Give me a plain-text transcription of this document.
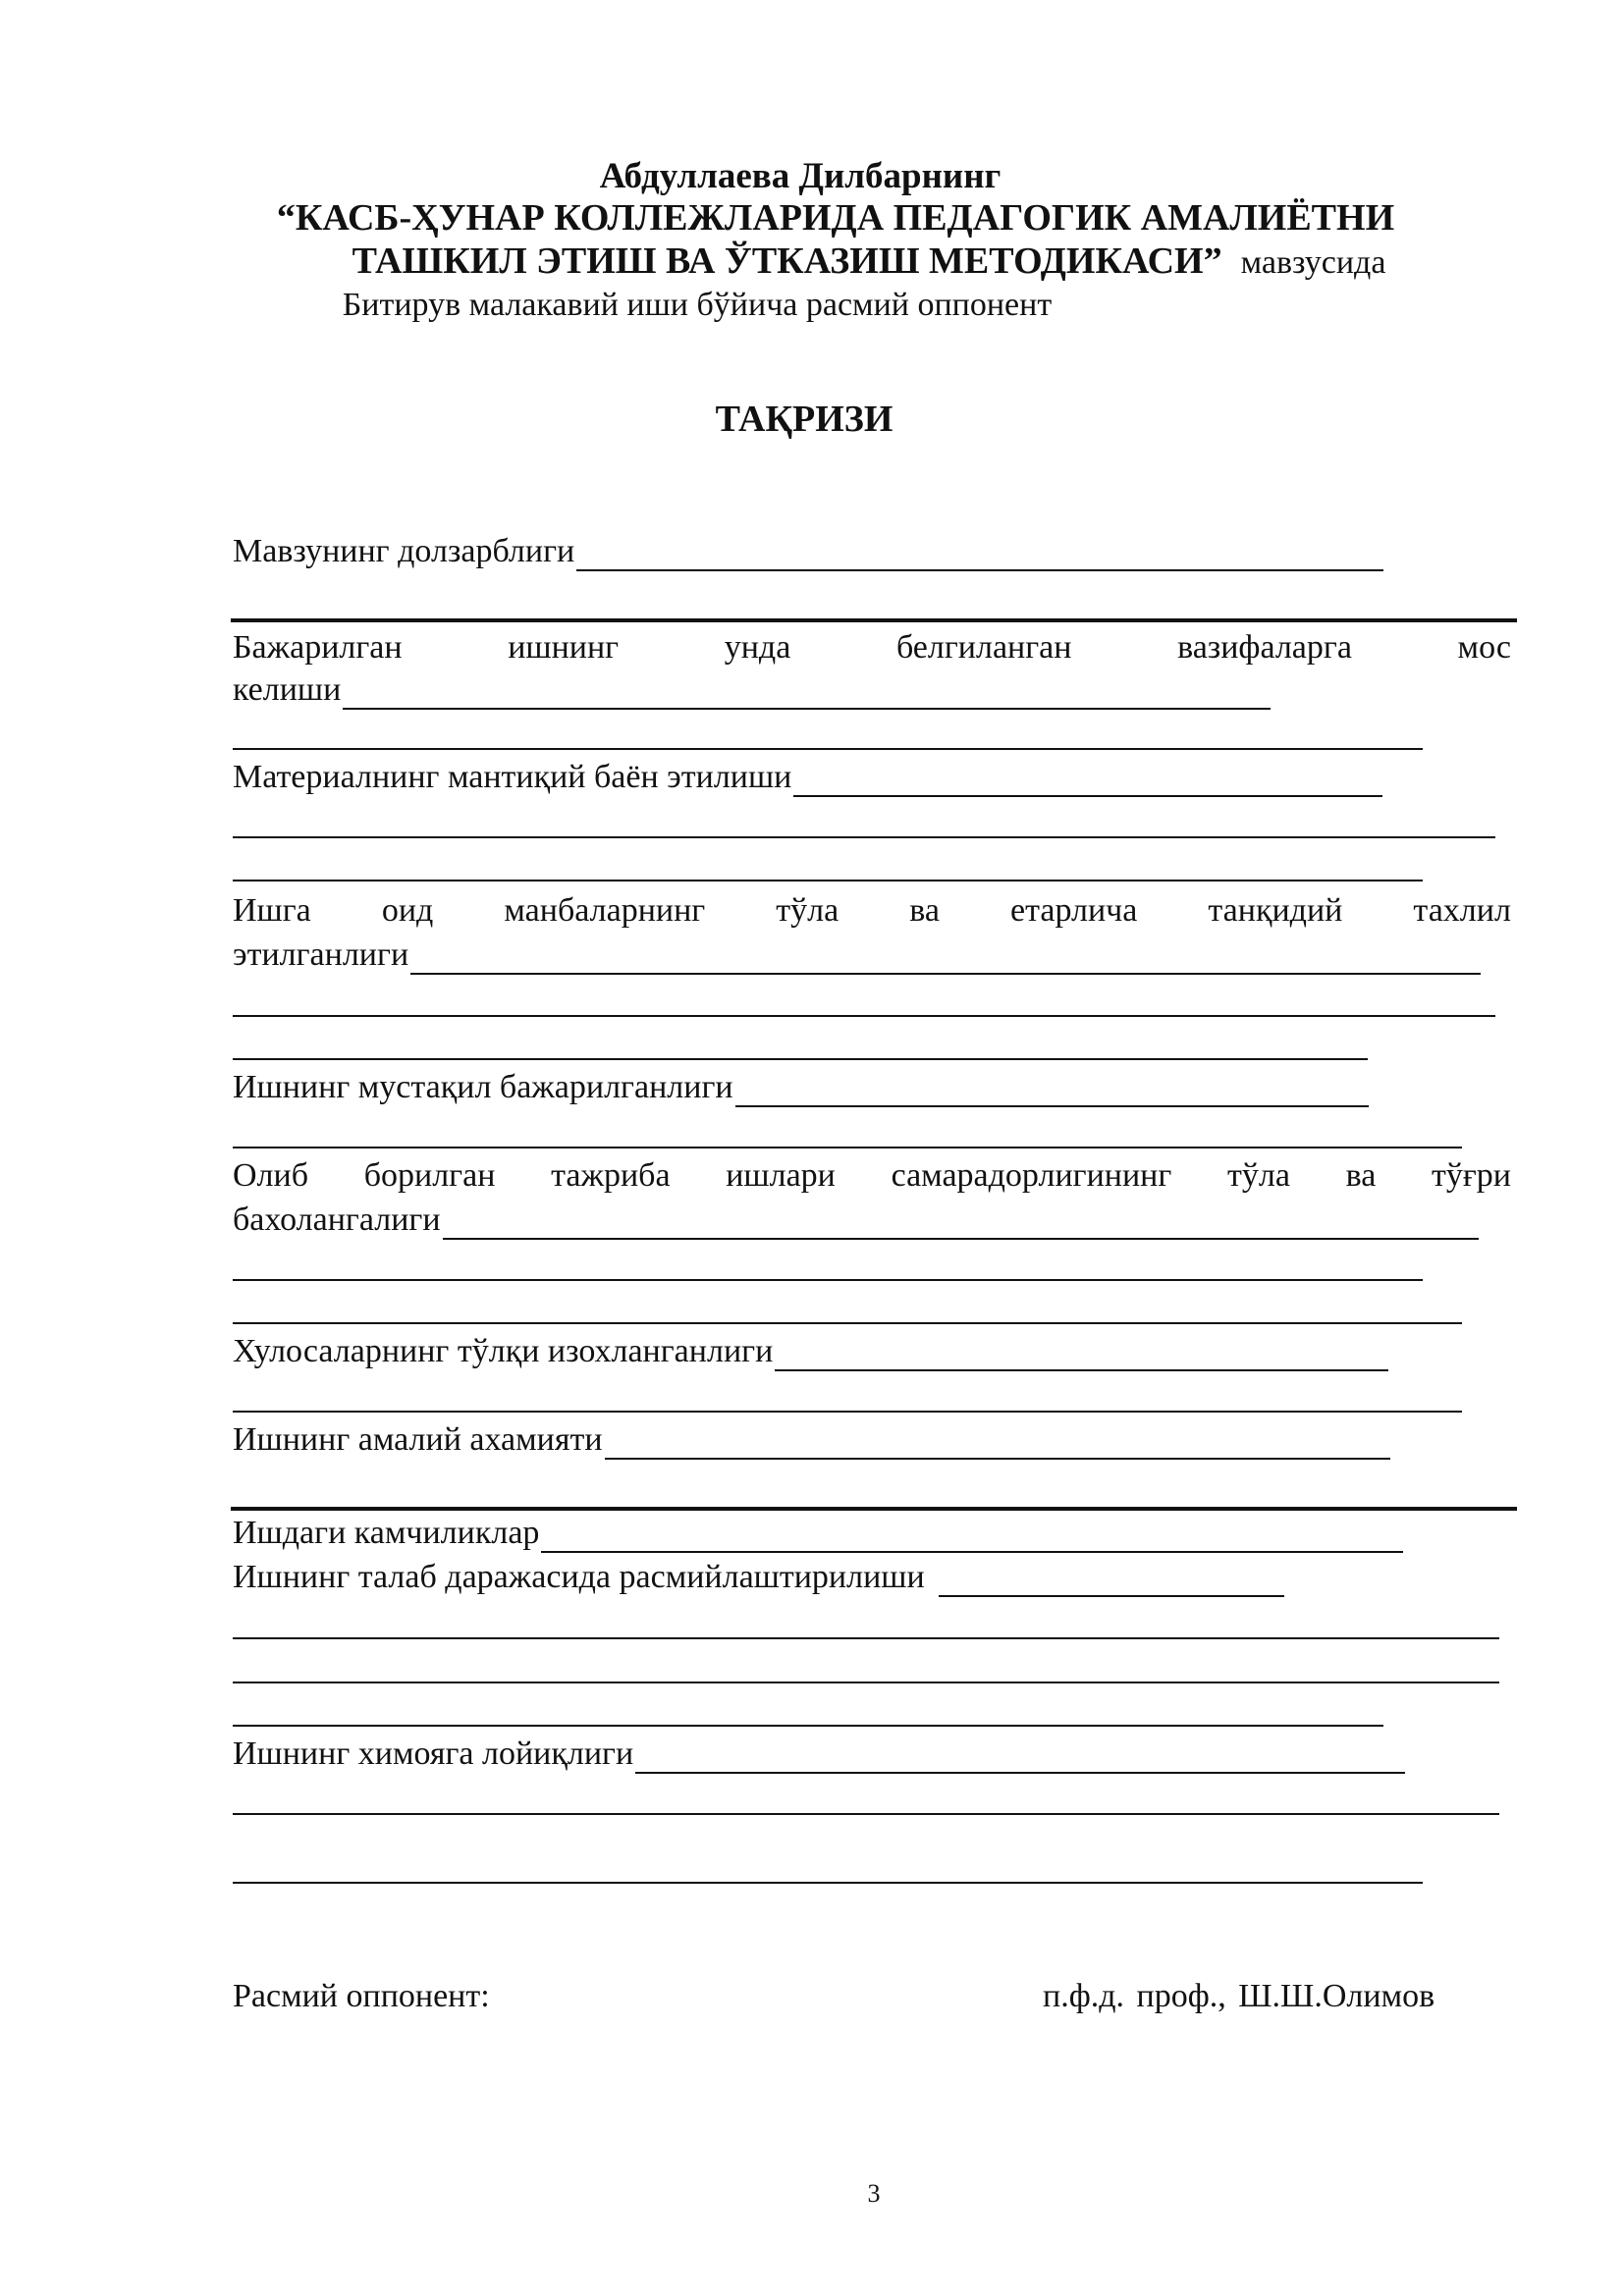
Абдуллаева Дилбарнинг
“КАСБ-ҲУНАР КОЛЛЕЖЛАРИДА ПЕДАГОГИК АМАЛИЁТНИ
ТАШКИЛ ЭТИШ ВА ЎТКАЗИШ МЕТОДИКАСИ” мавзусида
Битирув малакавий иши бўйича расмий оппонент
ТАҚРИЗИ
Мавзунинг долзарблиги
Бажарилган	ишнинг	унда	белгиланган	вазифаларга	мос
келиши
Материалнинг мантиқий баён этилиши
Ишга оид манбаларнинг тўла ва етарлича танқидий тахлил
этилганлиги
Ишнинг мустақил бажарилганлиги
Олиб борилган тажриба ишлари самарадорлигининг тўла ва тўғри
бахолангалиги
Хулосаларнинг тўлқи изохланганлиги
Ишнинг амалий ахамияти
Ишдаги камчиликлар
Ишнинг талаб даражасида расмийлаштирилиши
Ишнинг химояга лойиқлиги
Расмий оппонент:	п.ф.д. проф., Ш.Ш.Олимов
3
